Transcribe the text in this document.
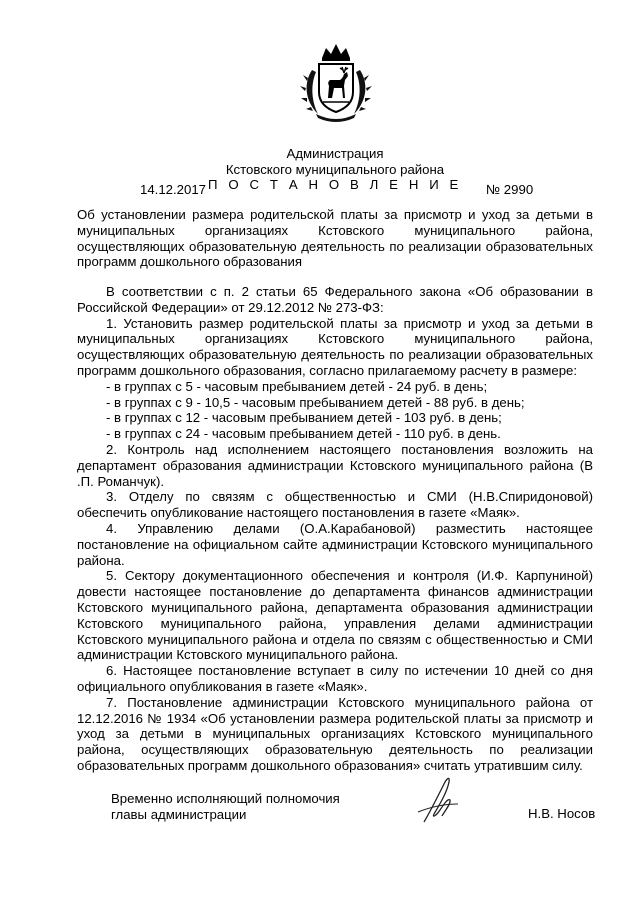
Администрация
Кстовского муниципального района
П О С Т А Н О В Л Е Н И Е
14.12.2017	№ 2990
Об установлении размера родительской платы за присмотр и уход за детьми в муниципальных организациях Кстовского муниципального района, осуществляющих образовательную деятельность по реализации образовательных программ дошкольного образования

В соответствии с п. 2 статьи 65 Федерального закона «Об образовании в Российской Федерации» от 29.12.2012 № 273-ФЗ:

1. Установить размер родительской платы за присмотр и уход за детьми в муниципальных организациях Кстовского муниципального района, осуществляющих образовательную деятельность по реализации образовательных программ дошкольного образования, согласно прилагаемому расчету в размере:

- в группах с 5 - часовым пребыванием детей - 24 руб. в день;

- в группах с 9 - 10,5 - часовым пребыванием детей - 88 руб. в день;

- в группах с 12 - часовым пребыванием детей - 103 руб. в день;

- в группах с 24 - часовым пребыванием детей - 110 руб. в день.

2. Контроль над исполнением настоящего постановления возложить на департамент образования администрации Кстовского муниципального района (В .П. Романчук).

3. Отделу по связям с общественностью и СМИ (Н.В.Спиридоновой) обеспечить опубликование настоящего постановления в газете «Маяк».

4. Управлению делами (О.А.Карабановой) разместить настоящее постановление на официальном сайте администрации Кстовского муниципального района.

5. Сектору документационного обеспечения и контроля (И.Ф. Карпуниной) довести настоящее постановление до департамента финансов администрации Кстовского муниципального района, департамента образования администрации Кстовского муниципального района, управления делами администрации Кстовского муниципального района и отдела по связям с общественностью и СМИ администрации Кстовского муниципального района.

6. Настоящее постановление вступает в силу по истечении 10 дней со дня официального опубликования в газете «Маяк».

7. Постановление администрации Кстовского муниципального района от 12.12.2016 № 1934 «Об установлении размера родительской платы за присмотр и уход за детьми в муниципальных организациях Кстовского муниципального района, осуществляющих образовательную деятельность по реализации образовательных программ дошкольного образования» считать утратившим силу.

Временно исполняющий полномочия
главы администрации	Н.В. Носов
